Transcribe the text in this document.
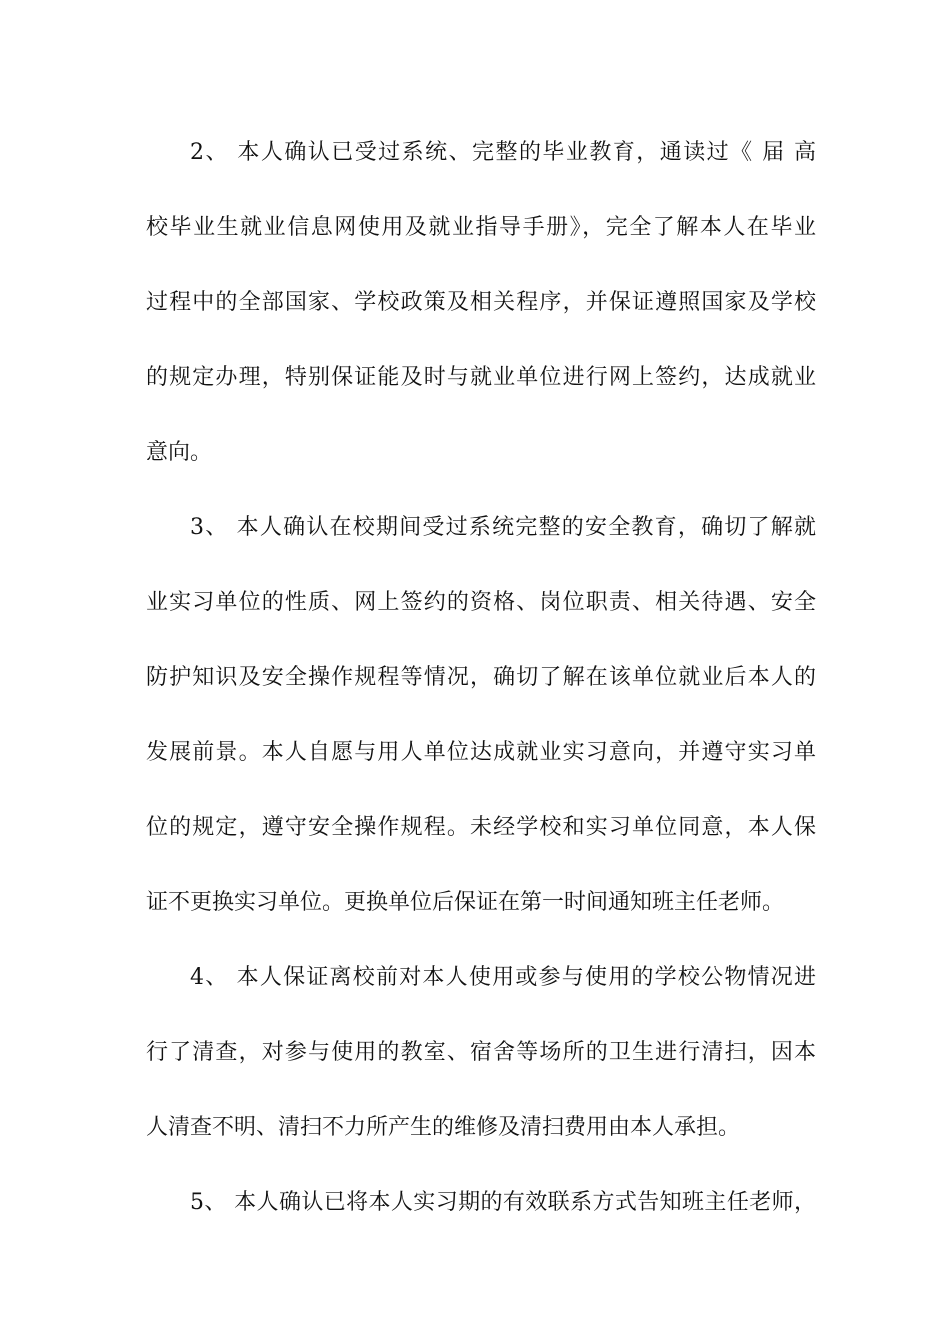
2、 本人确认已受过系统、完整的毕业教育，通读过《 届 高
校毕业生就业信息网使用及就业指导手册》，完全了解本人在毕业
过程中的全部国家、学校政策及相关程序，并保证遵照国家及学校
的规定办理，特别保证能及时与就业单位进行网上签约，达成就业
意向。
3、 本人确认在校期间受过系统完整的安全教育，确切了解就
业实习单位的性质、网上签约的资格、岗位职责、相关待遇、安全
防护知识及安全操作规程等情况，确切了解在该单位就业后本人的
发展前景。本人自愿与用人单位达成就业实习意向，并遵守实习单
位的规定，遵守安全操作规程。未经学校和实习单位同意，本人保
证不更换实习单位。更换单位后保证在第一时间通知班主任老师。
4、 本人保证离校前对本人使用或参与使用的学校公物情况进
行了清查，对参与使用的教室、宿舍等场所的卫生进行清扫，因本
人清查不明、清扫不力所产生的维修及清扫费用由本人承担。
5、 本人确认已将本人实习期的有效联系方式告知班主任老师，
